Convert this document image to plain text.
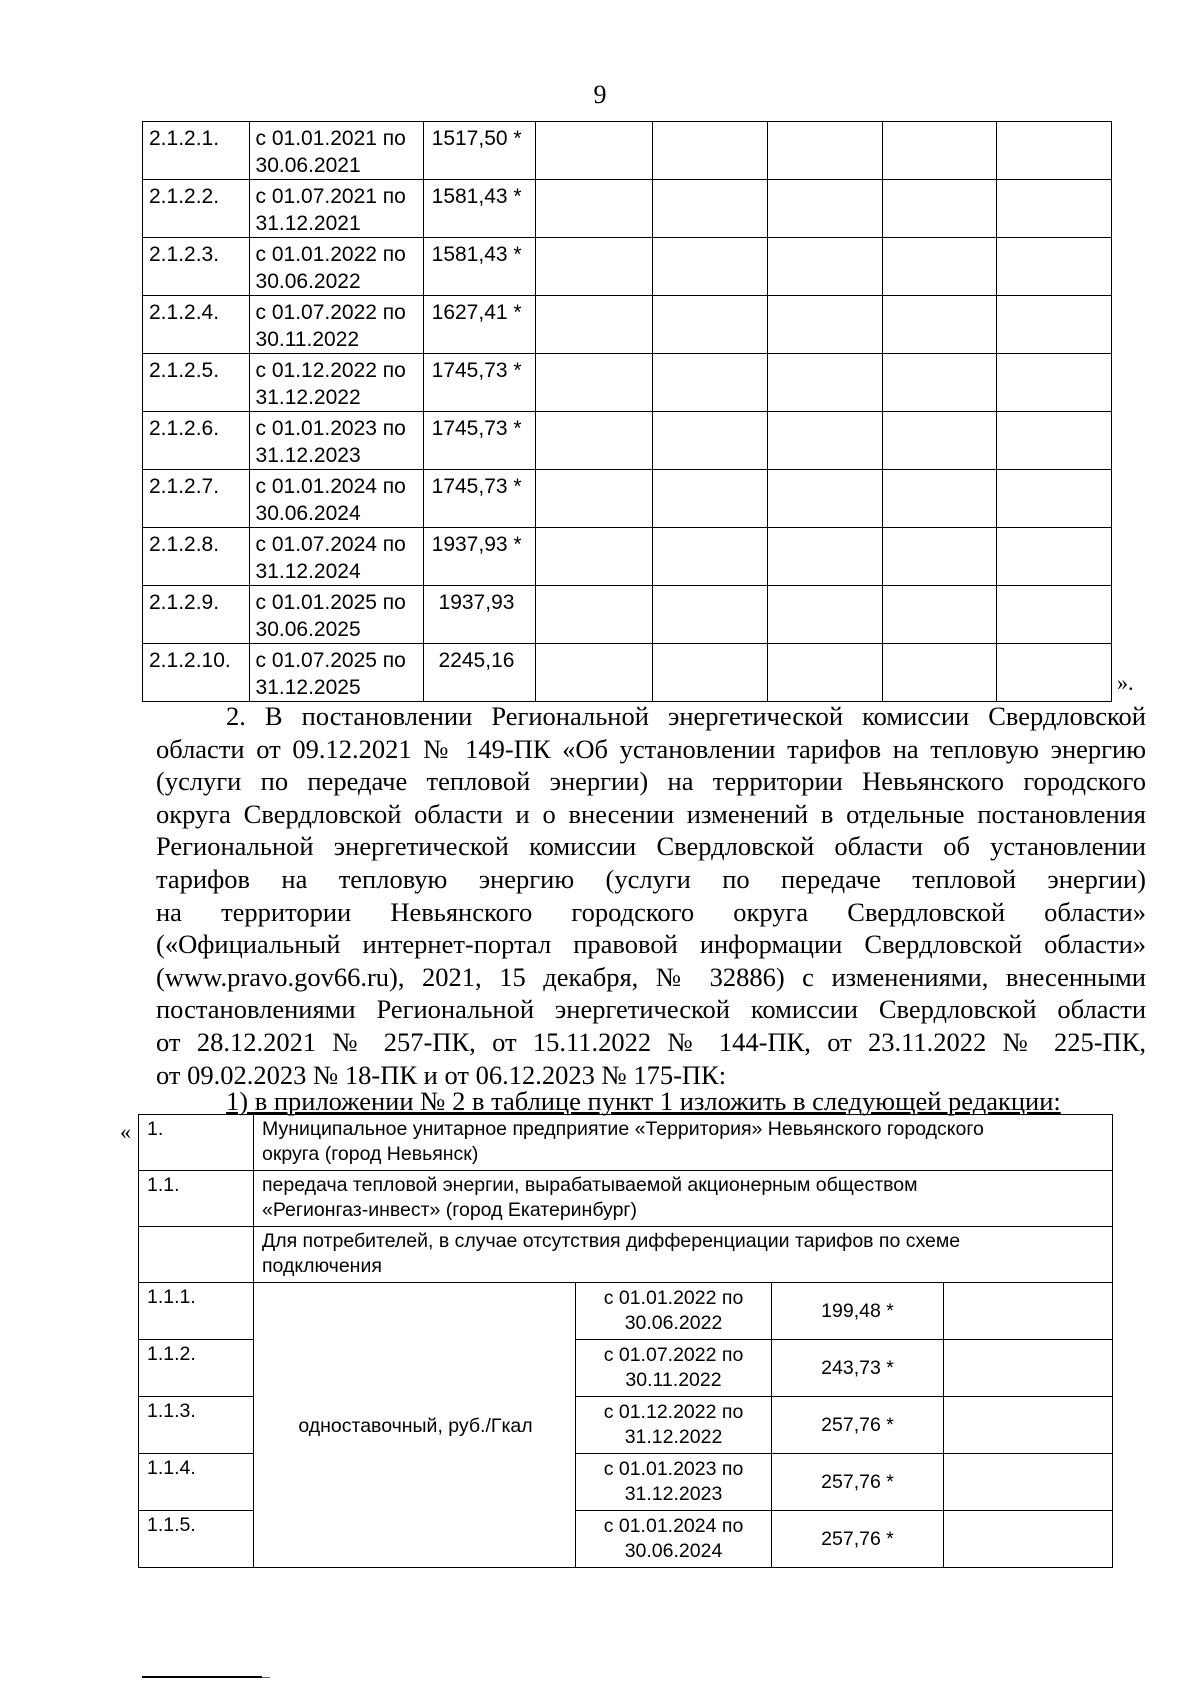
9
2.1.2.1.	с 01.01.2021 по
30.06.2021	1517,50 *					
2.1.2.2.	с 01.07.2021 по
31.12.2021	1581,43 *					
2.1.2.3.	с 01.01.2022 по
30.06.2022	1581,43 *					
2.1.2.4.	с 01.07.2022 по
30.11.2022	1627,41 *					
2.1.2.5.	с 01.12.2022 по
31.12.2022	1745,73 *					
2.1.2.6.	с 01.01.2023 по
31.12.2023	1745,73 *					
2.1.2.7.	с 01.01.2024 по
30.06.2024	1745,73 *					
2.1.2.8.	с 01.07.2024 по
31.12.2024	1937,93 *					
2.1.2.9.	с 01.01.2025 по
30.06.2025	1937,93					
2.1.2.10.	с 01.07.2025 по
31.12.2025	2245,16					
».
2. В постановлении Региональной энергетической комиссии Свердловской
области от 09.12.2021 № 149-ПК «Об установлении тарифов на тепловую энергию
(услуги по передаче тепловой энергии) на территории Невьянского городского
округа Свердловской области и о внесении изменений в отдельные постановления
Региональной энергетической комиссии Свердловской области об установлении
тарифов на тепловую энергию (услуги по передаче тепловой энергии)
на территории Невьянского городского округа Свердловской области»
(«Официальный интернет-портал правовой информации Свердловской области»
(www.pravo.gov66.ru), 2021, 15 декабря, № 32886) с изменениями, внесенными
постановлениями Региональной энергетической комиссии Свердловской области
от 28.12.2021 № 257-ПК, от 15.11.2022 № 144-ПК, от 23.11.2022 № 225-ПК,
от 09.02.2023 № 18-ПК и от 06.12.2023 № 175-ПК:
1) в приложении № 2 в таблице пункт 1 изложить в следующей редакции:
« 1.	Муниципальное унитарное предприятие «Территория» Невьянского городского
округа (город Невьянск)			
1.1.	передача тепловой энергии, вырабатываемой акционерным обществом
«Регионгаз-инвест» (город Екатеринбург)			
	Для потребителей, в случае отсутствия дифференциации тарифов по схеме
подключения			
1.1.1.	одноставочный, руб./Гкал	с 01.01.2022 по
30.06.2022	199,48 *	
1.1.2.		с 01.07.2022 по
30.11.2022	243,73 *	
1.1.3.		с 01.12.2022 по
31.12.2022	257,76 *	
1.1.4.		с 01.01.2023 по
31.12.2023	257,76 *	
1.1.5.		с 01.01.2024 по
30.06.2024	257,76 *	
